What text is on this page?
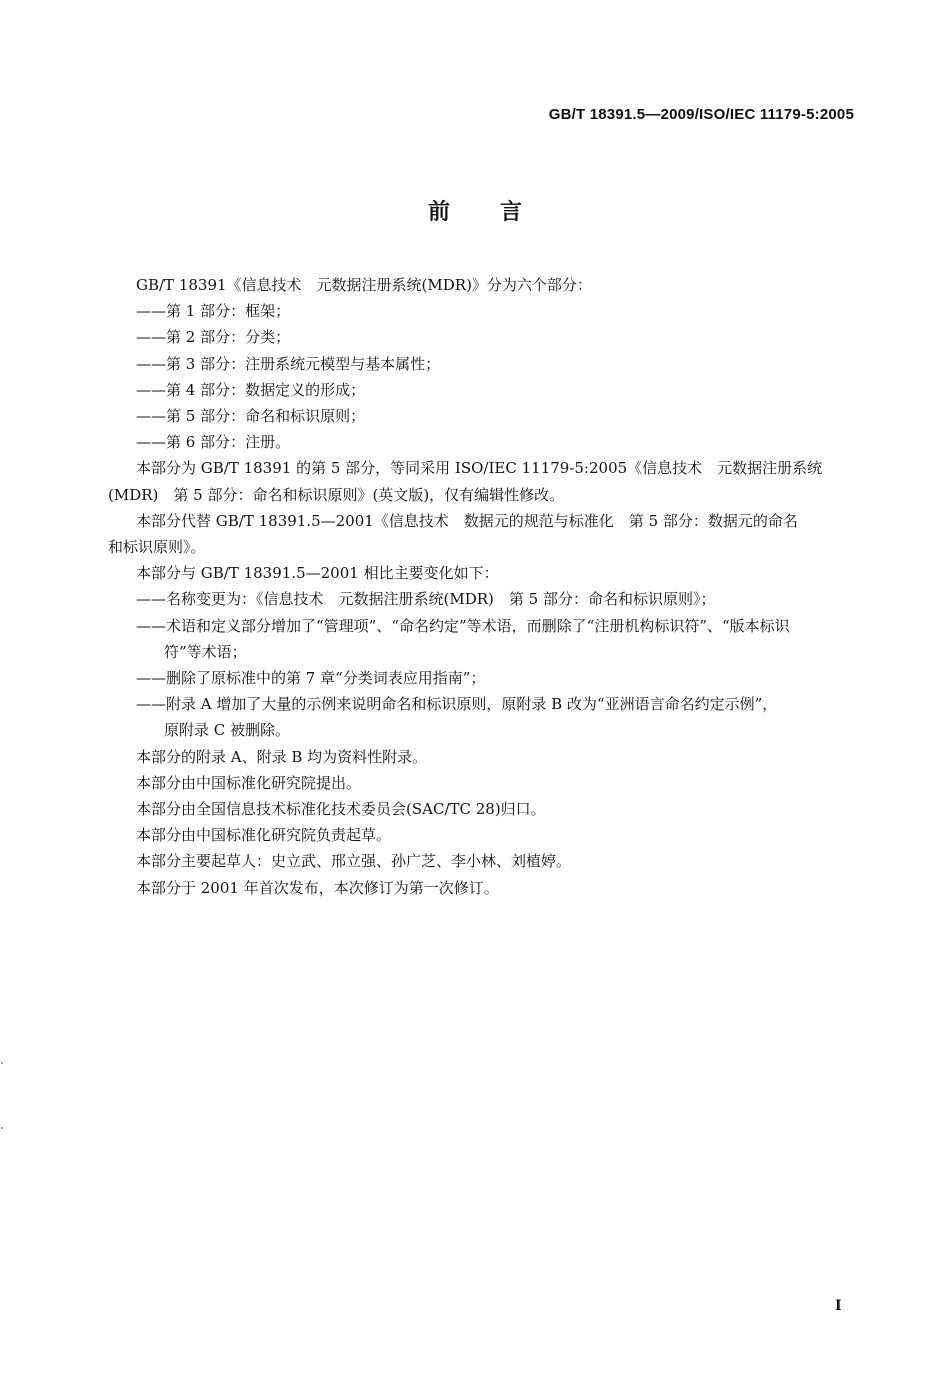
GB/T 18391.5—2009/ISO/IEC 11179-5:2005
前言

GB/T 18391《信息技术　元数据注册系统(MDR)》分为六个部分：

——第 1 部分：框架；

——第 2 部分：分类；

——第 3 部分：注册系统元模型与基本属性；

——第 4 部分：数据定义的形成；

——第 5 部分：命名和标识原则；

——第 6 部分：注册。

本部分为 GB/T 18391 的第 5 部分，等同采用 ISO/IEC 11179-5:2005《信息技术　元数据注册系统

(MDR)　第 5 部分：命名和标识原则》(英文版)，仅有编辑性修改。

本部分代替 GB/T 18391.5—2001《信息技术　数据元的规范与标准化　第 5 部分：数据元的命名

和标识原则》。

本部分与 GB/T 18391.5—2001 相比主要变化如下：

——名称变更为：《信息技术　元数据注册系统(MDR)　第 5 部分：命名和标识原则》；

——术语和定义部分增加了“管理项”、“命名约定”等术语，而删除了“注册机构标识符”、“版本标识

符”等术语；

——删除了原标准中的第 7 章“分类词表应用指南”；

——附录 A 增加了大量的示例来说明命名和标识原则，原附录 B 改为“亚洲语言命名约定示例”，

原附录 C 被删除。

本部分的附录 A、附录 B 均为资料性附录。

本部分由中国标准化研究院提出。

本部分由全国信息技术标准化技术委员会(SAC/TC 28)归口。

本部分由中国标准化研究院负责起草。

本部分主要起草人：史立武、邢立强、孙广芝、李小林、刘植婷。

本部分于 2001 年首次发布，本次修订为第一次修订。

I
